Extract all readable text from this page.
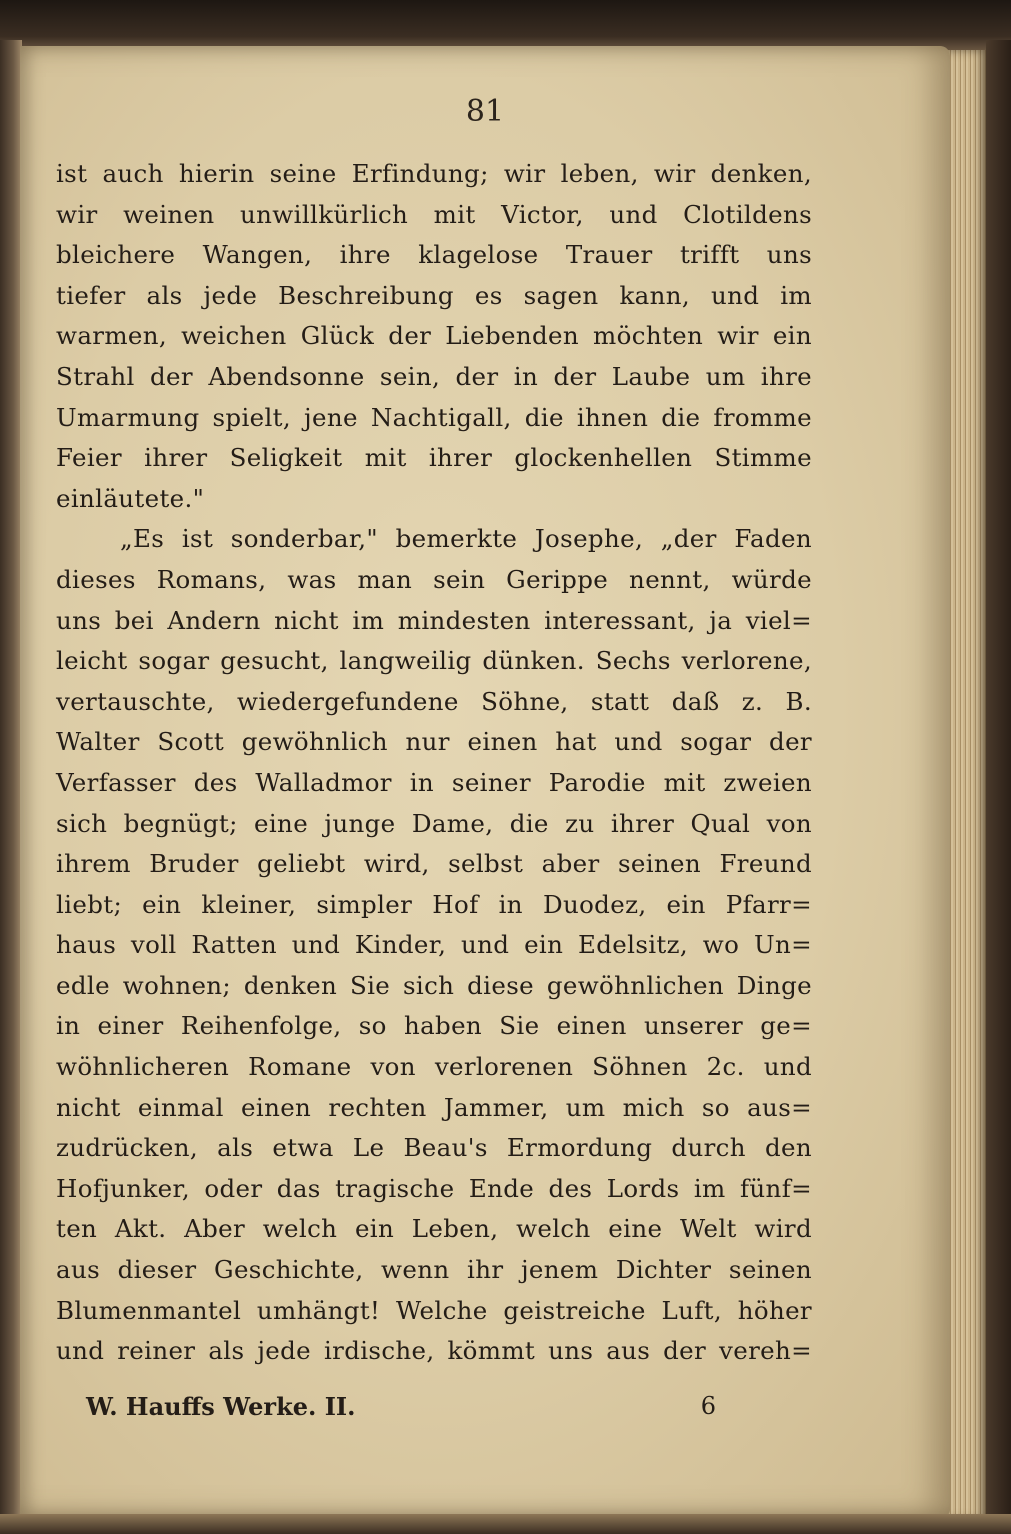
81
ist auch hierin seine Erfindung; wir leben, wir denken,
wir weinen unwillkürlich mit Victor, und Clotildens
bleichere Wangen, ihre klagelose Trauer trifft uns
tiefer als jede Beschreibung es sagen kann, und im
warmen, weichen Glück der Liebenden möchten wir ein
Strahl der Abendsonne sein, der in der Laube um ihre
Umarmung spielt, jene Nachtigall, die ihnen die fromme
Feier ihrer Seligkeit mit ihrer glockenhellen Stimme
einläutete."
„Es ist sonderbar," bemerkte Josephe, „der Faden
dieses Romans, was man sein Gerippe nennt, würde
uns bei Andern nicht im mindesten interessant, ja viel=
leicht sogar gesucht, langweilig dünken. Sechs verlorene,
vertauschte, wiedergefundene Söhne, statt daß z. B.
Walter Scott gewöhnlich nur einen hat und sogar der
Verfasser des Walladmor in seiner Parodie mit zweien
sich begnügt; eine junge Dame, die zu ihrer Qual von
ihrem Bruder geliebt wird, selbst aber seinen Freund
liebt; ein kleiner, simpler Hof in Duodez, ein Pfarr=
haus voll Ratten und Kinder, und ein Edelsitz, wo Un=
edle wohnen; denken Sie sich diese gewöhnlichen Dinge
in einer Reihenfolge, so haben Sie einen unserer ge=
wöhnlicheren Romane von verlorenen Söhnen 2c. und
nicht einmal einen rechten Jammer, um mich so aus=
zudrücken, als etwa Le Beau's Ermordung durch den
Hofjunker, oder das tragische Ende des Lords im fünf=
ten Akt. Aber welch ein Leben, welch eine Welt wird
aus dieser Geschichte, wenn ihr jenem Dichter seinen
Blumenmantel umhängt! Welche geistreiche Luft, höher
und reiner als jede irdische, kömmt uns aus der vereh=
W. Hauffs Werke. II.	6
